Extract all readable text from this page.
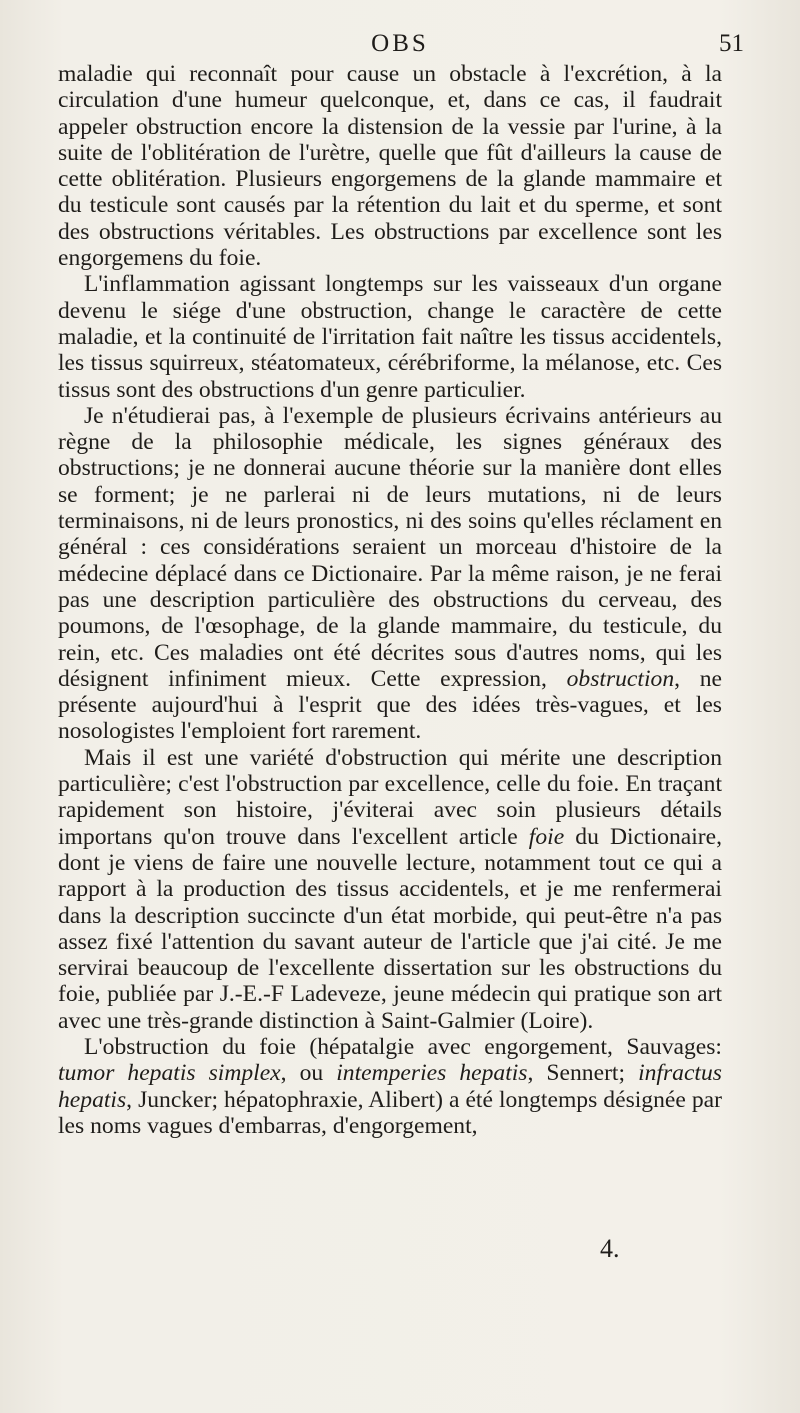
OBS	51

maladie qui reconnaît pour cause un obstacle à l'excrétion, à la circulation d'une humeur quelconque, et, dans ce cas, il faudrait appeler obstruction encore la distension de la vessie par l'urine, à la suite de l'oblitération de l'urètre, quelle que fût d'ailleurs la cause de cette oblitération. Plusieurs engorgemens de la glande mammaire et du testicule sont causés par la rétention du lait et du sperme, et sont des obstructions véritables. Les obstructions par excellence sont les engorgemens du foie.

L'inflammation agissant longtemps sur les vaisseaux d'un organe devenu le siége d'une obstruction, change le caractère de cette maladie, et la continuité de l'irritation fait naître les tissus accidentels, les tissus squirreux, stéatomateux, cérébriforme, la mélanose, etc. Ces tissus sont des obstructions d'un genre particulier.

Je n'étudierai pas, à l'exemple de plusieurs écrivains antérieurs au règne de la philosophie médicale, les signes généraux des obstructions; je ne donnerai aucune théorie sur la manière dont elles se forment; je ne parlerai ni de leurs mutations, ni de leurs terminaisons, ni de leurs pronostics, ni des soins qu'elles réclament en général : ces considérations seraient un morceau d'histoire de la médecine déplacé dans ce Dictionaire. Par la même raison, je ne ferai pas une description particulière des obstructions du cerveau, des poumons, de l'œsophage, de la glande mammaire, du testicule, du rein, etc. Ces maladies ont été décrites sous d'autres noms, qui les désignent infiniment mieux. Cette expression, obstruction, ne présente aujourd'hui à l'esprit que des idées très-vagues, et les nosologistes l'emploient fort rarement.

Mais il est une variété d'obstruction qui mérite une description particulière; c'est l'obstruction par excellence, celle du foie. En traçant rapidement son histoire, j'éviterai avec soin plusieurs détails importans qu'on trouve dans l'excellent article foie du Dictionaire, dont je viens de faire une nouvelle lecture, notamment tout ce qui a rapport à la production des tissus accidentels, et je me renfermerai dans la description succincte d'un état morbide, qui peut-être n'a pas assez fixé l'attention du savant auteur de l'article que j'ai cité. Je me servirai beaucoup de l'excellente dissertation sur les obstructions du foie, publiée par J.-E.-F Ladeveze, jeune médecin qui pratique son art avec une très-grande distinction à Saint-Galmier (Loire).

L'obstruction du foie (hépatalgie avec engorgement, Sauvages: tumor hepatis simplex, ou intemperies hepatis, Sennert; infractus hepatis, Juncker; hépatophraxie, Alibert) a été longtemps désignée par les noms vagues d'embarras, d'engorgement,

4.
